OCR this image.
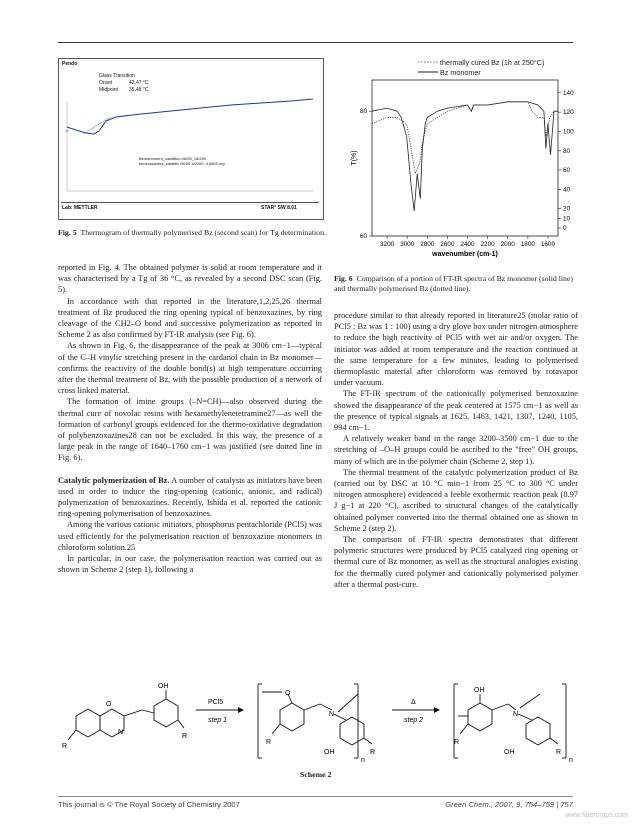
Pendo
Glass Transition
Onset	42,47 °C
Midpoint 35,48 °C
Bzmonomero_catalitico 06/05_18/200
benzossazina_catalitic 06/05 18/200, 4,5800 mg
Lab: METTLER	STAR° SW 8.01
Fig. 5 Thermogram of thermally polymerised Bz (second scan) for Tg determination.
thermally cured Bz (1h at 250°C)
Bz monomer
3200 3000 2800 2600 2400 2200 2000 1800 1600
60
80
0
10
20
40
60
80
100
120
140
T(%)
wavenumber (cm-1)
Fig. 6 Comparison of a portion of FT-IR spectra of Bz monomer (solid line) and thermally polymerised Bz (dotted line).

reported in Fig. 4. The obtained polymer is solid at room temperature and it was characterised by a Tg of 36 °C, as revealed by a second DSC scan (Fig. 5).

In accordance with that reported in the literature,1,2,25,26 thermal treatment of Bz produced the ring opening typical of benzoxazines, by ring cleavage of the CH2–O bond and successive polymerization as reported in Scheme 2 as also confirmed by FT-IR analysis (see Fig. 6).

As shown in Fig. 6, the disappearance of the peak at 3006 cm−1—typical of the C–H vinylic stretching present in the cardanol chain in Bz monomer—confirms the reactivity of the double bond(s) at high temperature occurring after the thermal treatment of Bz, with the possible production of a network of cross linked material.

The formation of imine groups (–N=CH)—also observed during the thermal cure of novolac resins with hexamethylenetetramine27—as well the formation of carbonyl groups evidenced for the thermo-oxidative degradation of polybenzoxazines28 can not be excluded. In this way, the presence of a large peak in the range of 1640–1760 cm−1 was justified (see dotted line in Fig. 6).

Catalytic polymerization of Bz. A number of catalysts as initiators have been used in order to induce the ring-opening (cationic, anionic, and radical) polymerization of benzoxazines. Recently, Ishida et al. reported the cationic ring-opening polymerisation of benzoxazines.

Among the various cationic initiators, phosphorus pentachloride (PCl5) was used efficiently for the polymerisation reaction of benzoxazine monomers in chloroform solution.25

In particular, in our case, the polymerisation reaction was carried out as shown in Scheme 2 (step 1), following a

procedure similar to that already reported in literature25 (molar ratio of PCl5 : Bz was 1 : 100) using a dry glove box under nitrogen atmosphere to reduce the high reactivity of PCl5 with wet air and/or oxygen. The initiator was added at room temperature and the reaction continued at the same temperature for a few minutes, leading to polymerised thermoplastic material after chloroform was removed by rotavapor under vacuum.

The FT-IR spectrum of the cationically polymerised benzoxazine showed the disappearance of the peak centered at 1575 cm−1 as well as the presence of typical signals at 1625, 1463, 1421, 1307, 1240, 1105, 994 cm−1.

A relatively weaker band in the range 3200–3500 cm−1 due to the stretching of –O–H groups could be ascribed to the "free" OH groups, many of which are in the polymer chain (Scheme 2, step 1).

The thermal treatment of the catalytic polymerization product of Bz (carried out by DSC at 10 °C min−1 from 25 °C to 300 °C under nitrogen atmosphere) evidenced a feeble exothermic reaction peak (8.97 J g−1 at 220 °C), ascribed to structural changes of the catalytically obtained polymer converted into the thermal obtained one as shown in Scheme 2 (step 2).

The comparison of FT-IR spectra demonstrates that different polymeric structures were produced by PCl5 catalyzed ring opening or thermal cure of Bz monomer, as well as the structural analogies existing for the thermally cured polymer and cationically polymerised polymer after a thermal post-cure.

O
N
OH
R
R
PCl5
step 1
O
N
OH
R
R
n
Δ
step 2
OH
N
OH
R
R
n
Scheme 2
This journal is © The Royal Society of Chemistry 2007	Green Chem., 2007, 9, 754–759 | 757
www.fibercrops.com
